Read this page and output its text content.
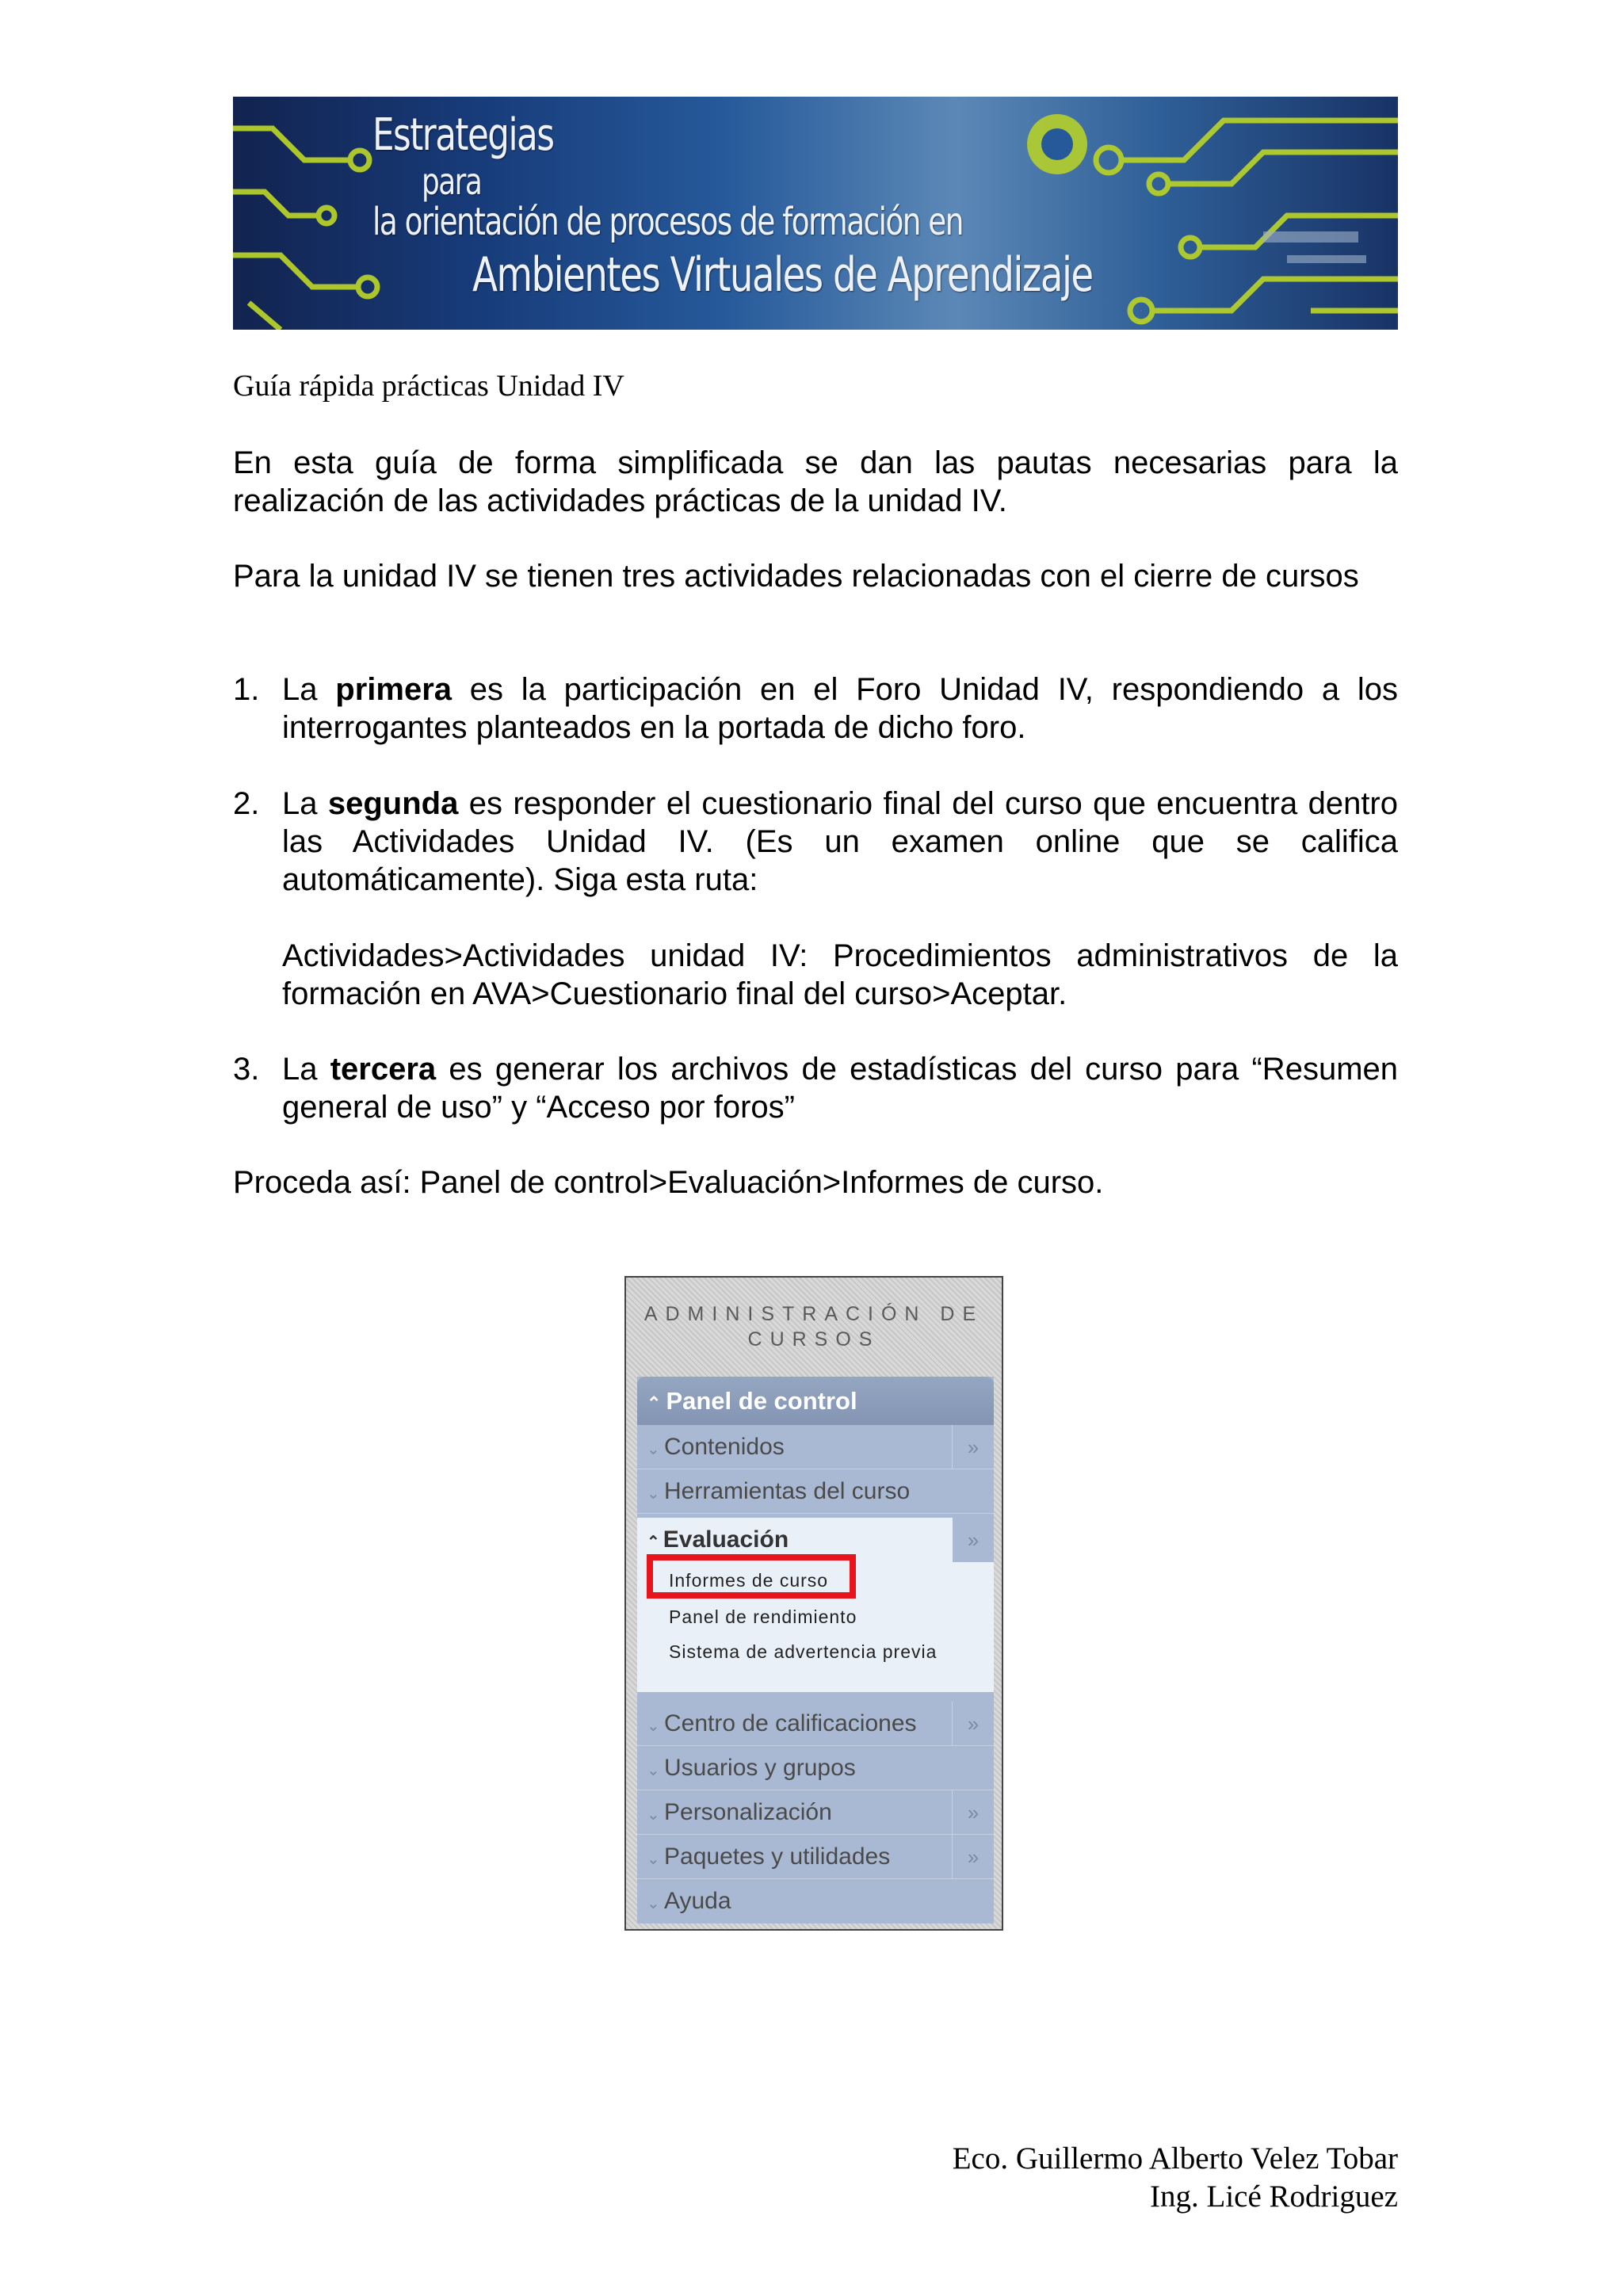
Estrategias
para
la orientación de procesos de formación en
Ambientes Virtuales de Aprendizaje
Guía rápida prácticas Unidad IV
En esta guía de forma simplificada se dan las pautas necesarias para la realización de las actividades prácticas de la unidad IV.
Para la unidad IV se tienen tres actividades relacionadas con el cierre de cursos
1. La primera es la participación en el Foro Unidad IV, respondiendo a los interrogantes planteados en la portada de dicho foro.
2. La segunda es responder el cuestionario final del curso que encuentra dentro las Actividades Unidad IV. (Es un examen online que se califica automáticamente). Siga esta ruta:
Actividades>Actividades unidad IV: Procedimientos administrativos de la formación en AVA>Cuestionario final del curso>Aceptar.
3. La tercera es generar los archivos de estadísticas del curso para “Resumen general de uso” y “Acceso por foros”
Proceda así: Panel de control>Evaluación>Informes de curso.
ADMINISTRACIÓN DE
CURSOS
⌃ Panel de control
⌄ Contenidos	»
⌄ Herramientas del curso
⌃ Evaluación	»
Informes de curso
Panel de rendimiento
Sistema de advertencia previa
⌄ Centro de calificaciones	»
⌄ Usuarios y grupos
⌄ Personalización	»
⌄ Paquetes y utilidades	»
⌄ Ayuda
Eco. Guillermo Alberto Velez Tobar
Ing. Licé Rodriguez
